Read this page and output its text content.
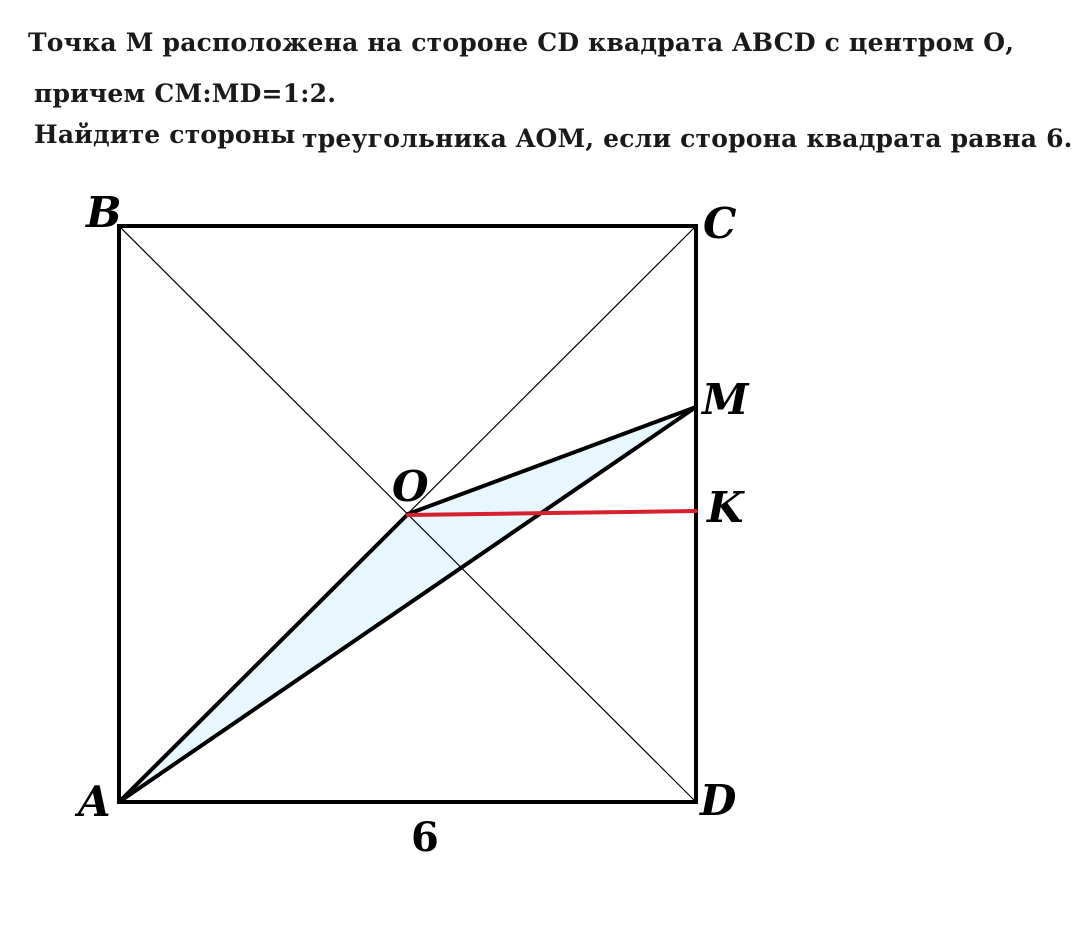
Точка М расположена на стороне CD квадрата ABCD с центром О,

причем CM:MD=1:2.

Найдите стороны треугольника AOM, если сторона квадрата равна 6.

B	C
M
O	K
A	D
6
